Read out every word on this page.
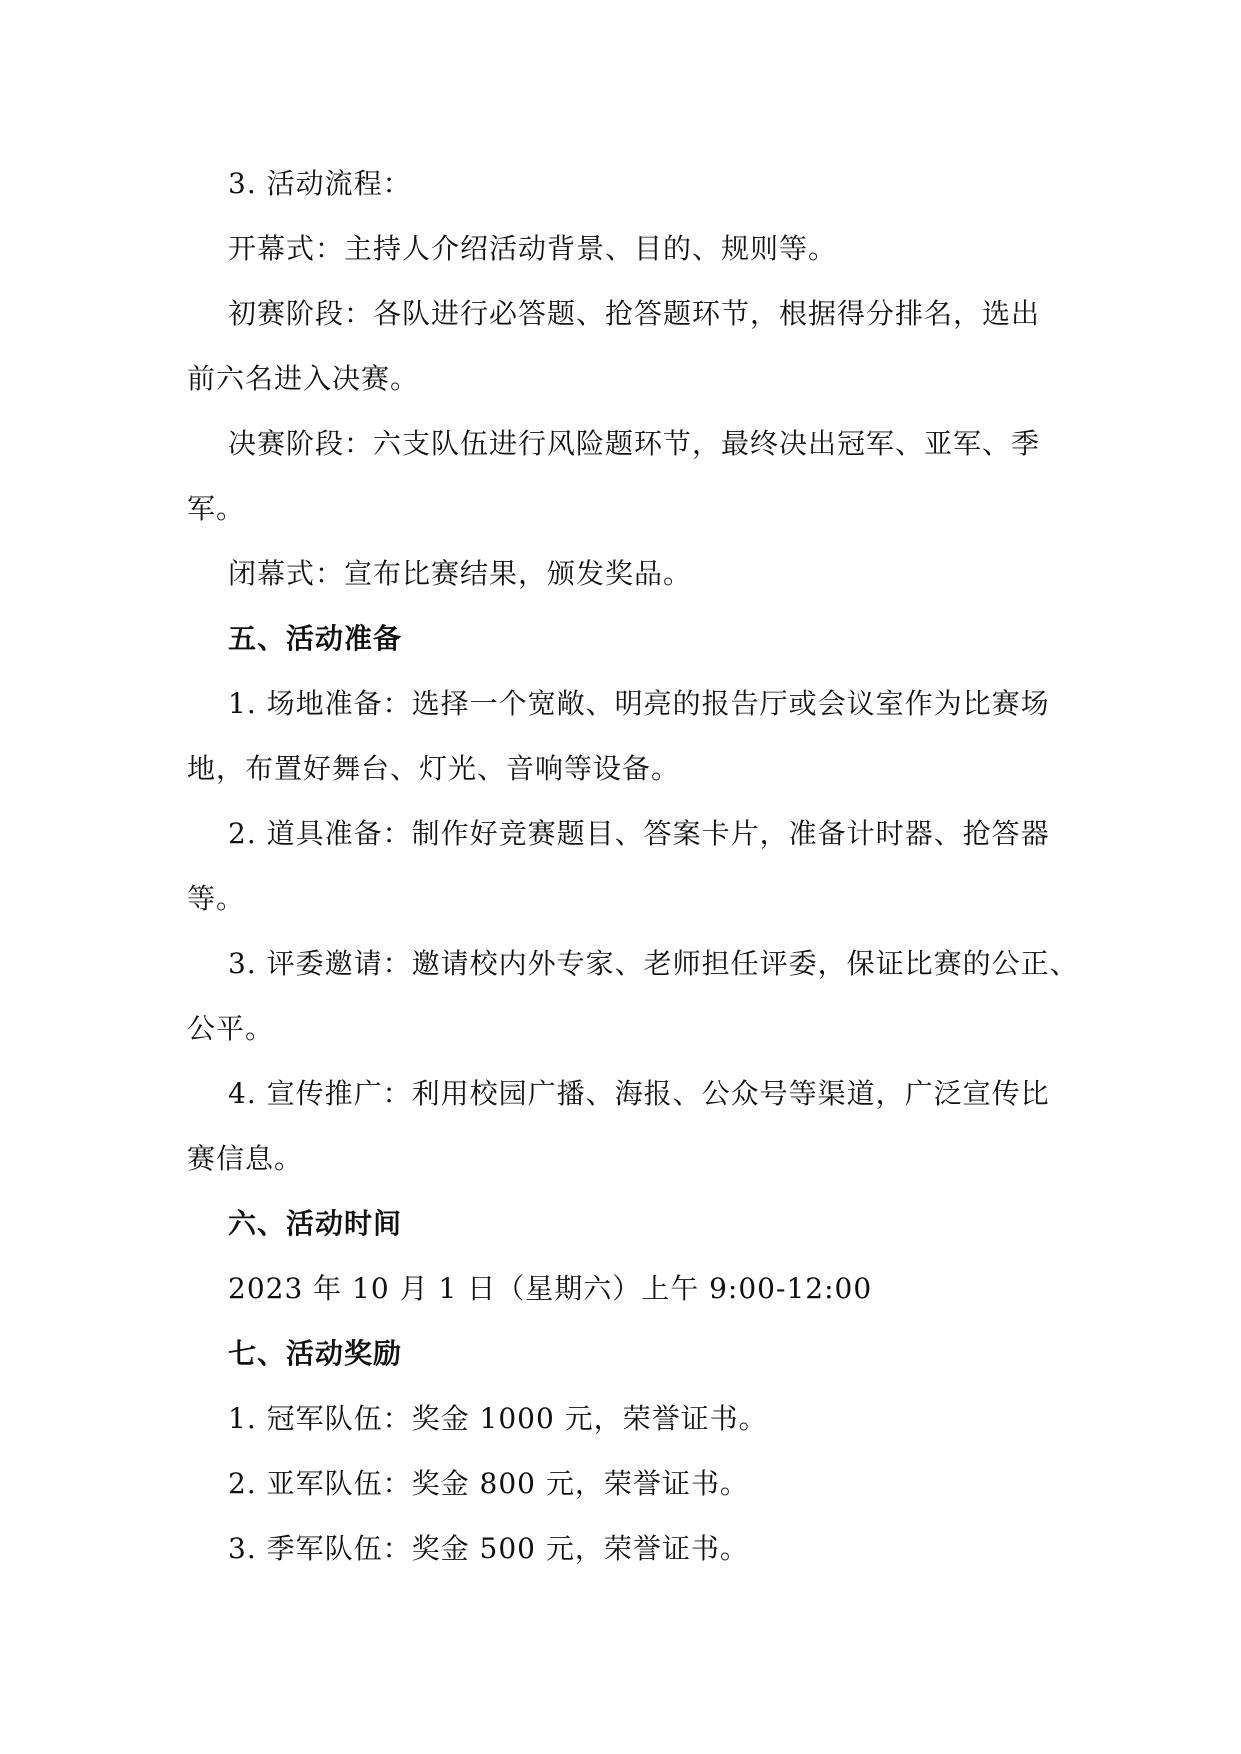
3. 活动流程：
开幕式：主持人介绍活动背景、目的、规则等。
初赛阶段：各队进行必答题、抢答题环节，根据得分排名，选出
前六名进入决赛。
决赛阶段：六支队伍进行风险题环节，最终决出冠军、亚军、季
军。
闭幕式：宣布比赛结果，颁发奖品。
五、活动准备
1. 场地准备：选择一个宽敞、明亮的报告厅或会议室作为比赛场
地，布置好舞台、灯光、音响等设备。
2. 道具准备：制作好竞赛题目、答案卡片，准备计时器、抢答器
等。
3. 评委邀请：邀请校内外专家、老师担任评委，保证比赛的公正、
公平。
4. 宣传推广：利用校园广播、海报、公众号等渠道，广泛宣传比
赛信息。
六、活动时间
2023 年 10 月 1 日（星期六）上午 9:00-12:00
七、活动奖励
1. 冠军队伍：奖金 1000 元，荣誉证书。
2. 亚军队伍：奖金 800 元，荣誉证书。
3. 季军队伍：奖金 500 元，荣誉证书。
